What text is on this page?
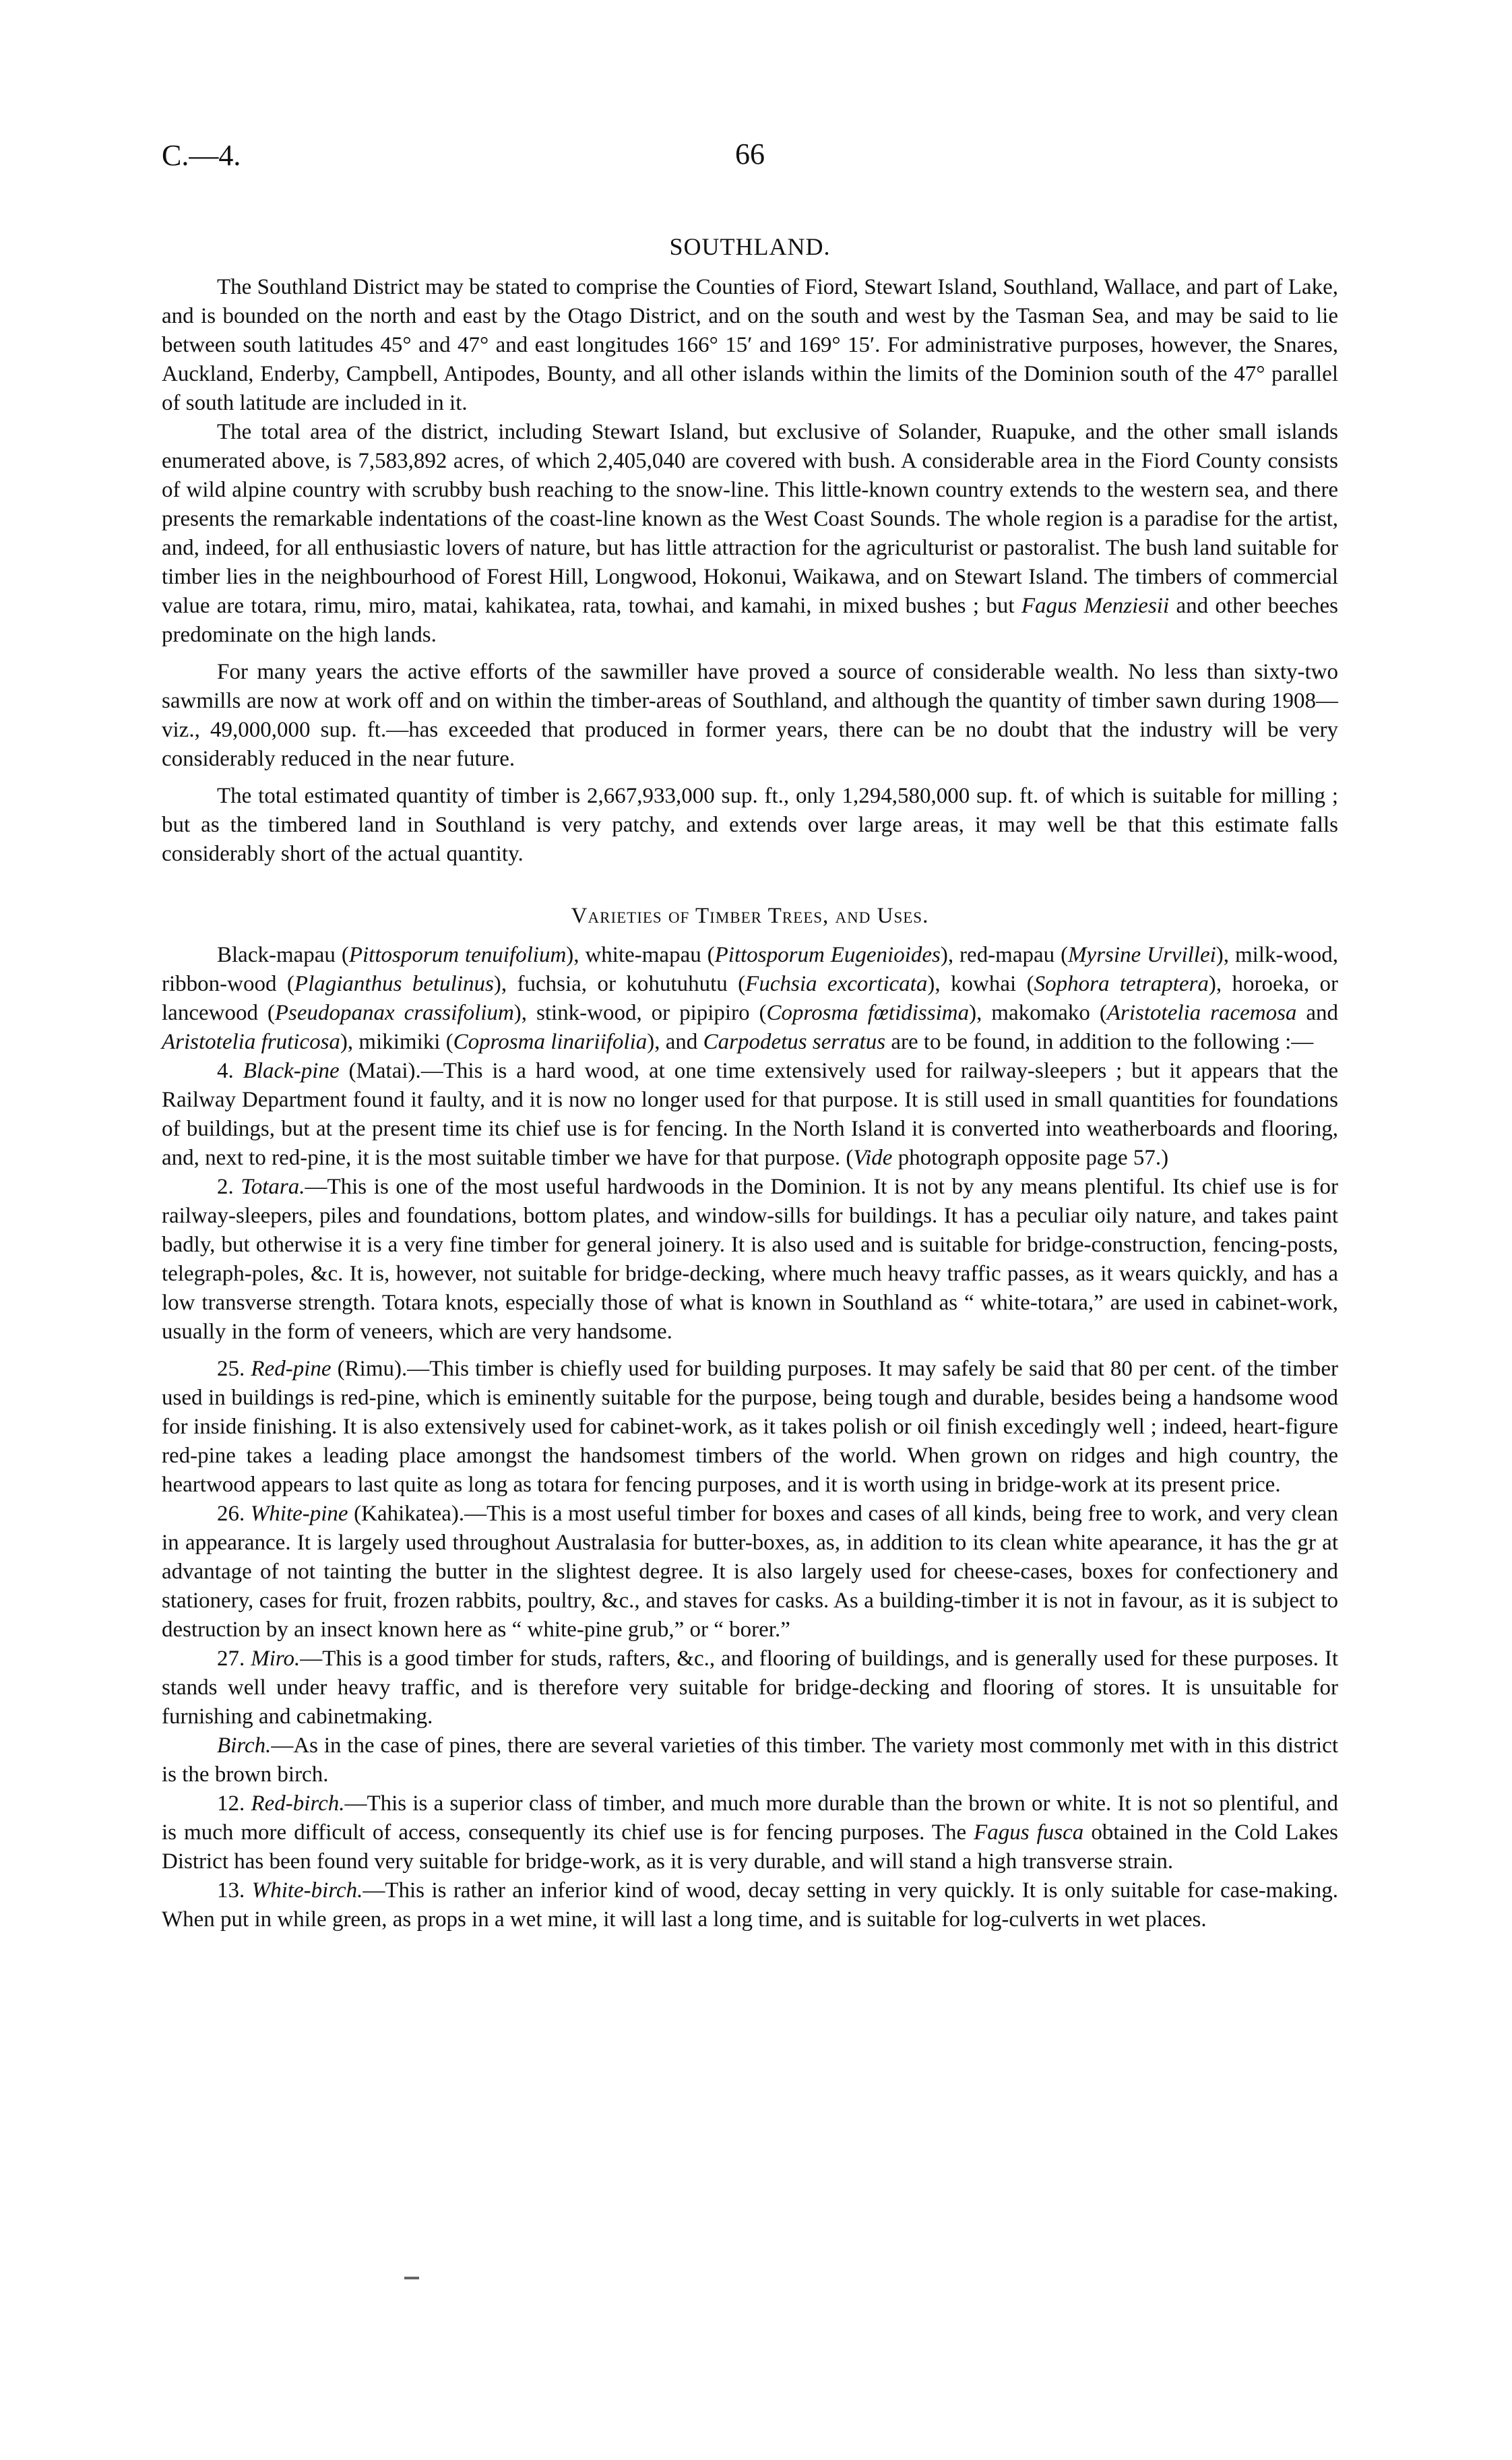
C.—4.	66
SOUTHLAND.

The Southland District may be stated to comprise the Counties of Fiord, Stewart Island, Southland, Wallace, and part of Lake, and is bounded on the north and east by the Otago District, and on the south and west by the Tasman Sea, and may be said to lie between south latitudes 45° and 47° and east longitudes 166° 15′ and 169° 15′. For administrative purposes, however, the Snares, Auckland, Enderby, Campbell, Antipodes, Bounty, and all other islands within the limits of the Dominion south of the 47° parallel of south latitude are included in it.

The total area of the district, including Stewart Island, but exclusive of Solander, Ruapuke, and the other small islands enumerated above, is 7,583,892 acres, of which 2,405,040 are covered with bush. A considerable area in the Fiord County consists of wild alpine country with scrubby bush reaching to the snow-line. This little-known country extends to the western sea, and there presents the remarkable indentations of the coast-line known as the West Coast Sounds. The whole region is a paradise for the artist, and, indeed, for all enthusiastic lovers of nature, but has little attraction for the agriculturist or pastoralist. The bush land suitable for timber lies in the neighbourhood of Forest Hill, Longwood, Hokonui, Waikawa, and on Stewart Island. The timbers of commercial value are totara, rimu, miro, matai, kahikatea, rata, towhai, and kamahi, in mixed bushes ; but Fagus Menziesii and other beeches predominate on the high lands.

For many years the active efforts of the sawmiller have proved a source of considerable wealth. No less than sixty-two sawmills are now at work off and on within the timber-areas of Southland, and although the quantity of timber sawn during 1908—viz., 49,000,000 sup. ft.—has exceeded that produced in former years, there can be no doubt that the industry will be very considerably reduced in the near future.

The total estimated quantity of timber is 2,667,933,000 sup. ft., only 1,294,580,000 sup. ft. of which is suitable for milling ; but as the timbered land in Southland is very patchy, and extends over large areas, it may well be that this estimate falls considerably short of the actual quantity.

Varieties of Timber Trees, and Uses.

Black-mapau (Pittosporum tenuifolium), white-mapau (Pittosporum Eugenioides), red-mapau (Myrsine Urvillei), milk-wood, ribbon-wood (Plagianthus betulinus), fuchsia, or kohutuhutu (Fuchsia excorticata), kowhai (Sophora tetraptera), horoeka, or lancewood (Pseudopanax crassifolium), stink-wood, or pipipiro (Coprosma fœtidissima), makomako (Aristotelia racemosa and Aristotelia fruticosa), mikimiki (Coprosma linariifolia), and Carpodetus serratus are to be found, in addition to the following :—

4. Black-pine (Matai).—This is a hard wood, at one time extensively used for railway-sleepers ; but it appears that the Railway Department found it faulty, and it is now no longer used for that purpose. It is still used in small quantities for foundations of buildings, but at the present time its chief use is for fencing. In the North Island it is converted into weatherboards and flooring, and, next to red-pine, it is the most suitable timber we have for that purpose. (Vide photograph opposite page 57.)

2. Totara.—This is one of the most useful hardwoods in the Dominion. It is not by any means plentiful. Its chief use is for railway-sleepers, piles and foundations, bottom plates, and window-sills for buildings. It has a peculiar oily nature, and takes paint badly, but otherwise it is a very fine timber for general joinery. It is also used and is suitable for bridge-construction, fencing-posts, telegraph-poles, &c. It is, however, not suitable for bridge-decking, where much heavy traffic passes, as it wears quickly, and has a low transverse strength. Totara knots, especially those of what is known in Southland as “ white-totara,” are used in cabinet-work, usually in the form of veneers, which are very handsome.

25. Red-pine (Rimu).—This timber is chiefly used for building purposes. It may safely be said that 80 per cent. of the timber used in buildings is red-pine, which is eminently suitable for the purpose, being tough and durable, besides being a handsome wood for inside finishing. It is also extensively used for cabinet-work, as it takes polish or oil finish excedingly well ; indeed, heart-figure red-pine takes a leading place amongst the handsomest timbers of the world. When grown on ridges and high country, the heartwood appears to last quite as long as totara for fencing purposes, and it is worth using in bridge-work at its present price.

26. White-pine (Kahikatea).—This is a most useful timber for boxes and cases of all kinds, being free to work, and very clean in appearance. It is largely used throughout Australasia for butter-boxes, as, in addition to its clean white apearance, it has the gr at advantage of not tainting the butter in the slightest degree. It is also largely used for cheese-cases, boxes for confectionery and stationery, cases for fruit, frozen rabbits, poultry, &c., and staves for casks. As a building-timber it is not in favour, as it is subject to destruction by an insect known here as “ white-pine grub,” or “ borer.”

27. Miro.—This is a good timber for studs, rafters, &c., and flooring of buildings, and is generally used for these purposes. It stands well under heavy traffic, and is therefore very suitable for bridge-decking and flooring of stores. It is unsuitable for furnishing and cabinetmaking.

Birch.—As in the case of pines, there are several varieties of this timber. The variety most commonly met with in this district is the brown birch.

12. Red-birch.—This is a superior class of timber, and much more durable than the brown or white. It is not so plentiful, and is much more difficult of access, consequently its chief use is for fencing purposes. The Fagus fusca obtained in the Cold Lakes District has been found very suitable for bridge-work, as it is very durable, and will stand a high transverse strain.

13. White-birch.—This is rather an inferior kind of wood, decay setting in very quickly. It is only suitable for case-making. When put in while green, as props in a wet mine, it will last a long time, and is suitable for log-culverts in wet places.
